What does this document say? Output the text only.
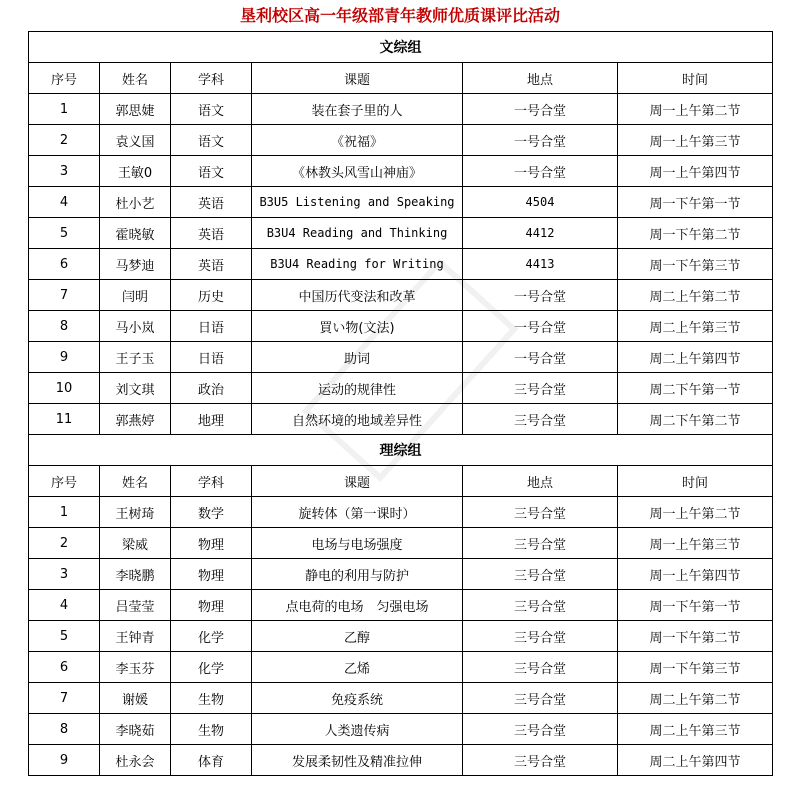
垦利校区高一年级部青年教师优质课评比活动
文综组					
序号	姓名	学科	课题	地点	时间
1	郭思婕	语文	装在套子里的人	一号合堂	周一上午第二节
2	袁义国	语文	《祝福》	一号合堂	周一上午第三节
3	王敏0	语文	《林教头风雪山神庙》	一号合堂	周一上午第四节
4	杜小艺	英语	B3U5 Listening and Speaking	4504	周一下午第一节
5	霍晓敏	英语	B3U4 Reading and Thinking	4412	周一下午第二节
6	马梦迪	英语	B3U4 Reading for Writing	4413	周一下午第三节
7	闫明	历史	中国历代变法和改革	一号合堂	周二上午第二节
8	马小岚	日语	買い物(文法)	一号合堂	周二上午第三节
9	王子玉	日语	助词	一号合堂	周二上午第四节
10	刘文琪	政治	运动的规律性	三号合堂	周二下午第一节
11	郭燕婷	地理	自然环境的地域差异性	三号合堂	周二下午第二节
理综组					
序号	姓名	学科	课题	地点	时间
1	王树琦	数学	旋转体（第一课时）	三号合堂	周一上午第二节
2	梁威	物理	电场与电场强度	三号合堂	周一上午第三节
3	李晓鹏	物理	静电的利用与防护	三号合堂	周一上午第四节
4	吕莹莹	物理	点电荷的电场　匀强电场	三号合堂	周一下午第一节
5	王钟青	化学	乙醇	三号合堂	周一下午第二节
6	李玉芬	化学	乙烯	三号合堂	周一下午第三节
7	谢媛	生物	免疫系统	三号合堂	周二上午第二节
8	李晓茹	生物	人类遗传病	三号合堂	周二上午第三节
9	杜永会	体育	发展柔韧性及精准拉伸	三号合堂	周二上午第四节
